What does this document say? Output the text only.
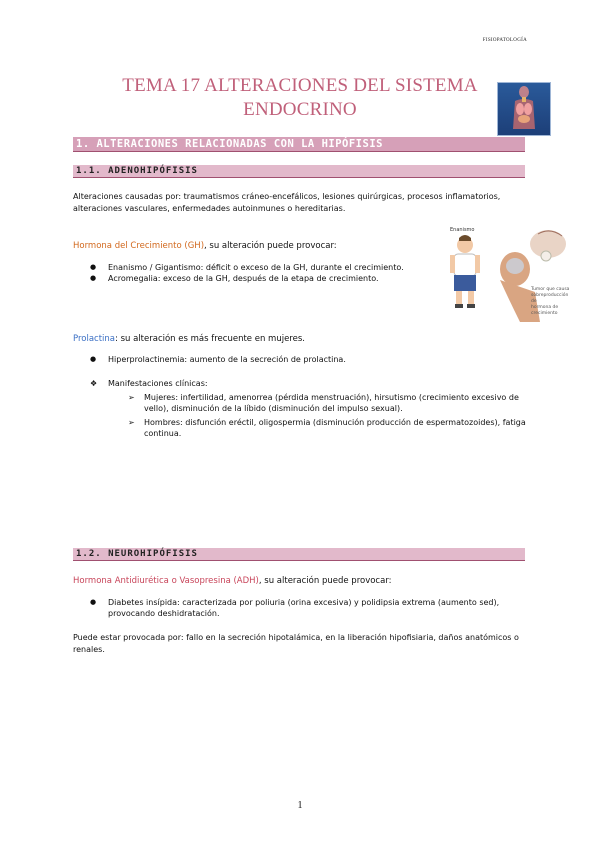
FISIOPATOLOGÍA
TEMA 17 ALTERACIONES DEL SISTEMA
ENDOCRINO
1. ALTERACIONES RELACIONADAS CON LA HIPÓFISIS
1.1. ADENOHIPÓFISIS
Alteraciones causadas por: traumatismos cráneo-encefálicos, lesiones quirúrgicas, procesos inflamatorios,
alteraciones vasculares, enfermedades autoinmunes o hereditarias.
Hormona del Crecimiento (GH), su alteración puede provocar:
● Enanismo / Gigantismo: déficit o exceso de la GH, durante el crecimiento.
● Acromegalia: exceso de la GH, después de la etapa de crecimiento.
Enanismo
Tumor que causa
sobreproducción de
hormona de
crecimiento
Prolactina: su alteración es más frecuente en mujeres.
● Hiperprolactinemia: aumento de la secreción de prolactina.
❖ Manifestaciones clínicas:
➢ Mujeres: infertilidad, amenorrea (pérdida menstruación), hirsutismo (crecimiento excesivo de
vello), disminución de la líbido (disminución del impulso sexual).
➢ Hombres: disfunción eréctil, oligospermia (disminución producción de espermatozoides), fatiga
continua.
1.2. NEUROHIPÓFISIS
Hormona Antidiurética o Vasopresina (ADH), su alteración puede provocar:
● Diabetes insípida: caracterizada por poliuria (orina excesiva) y polidipsia extrema (aumento sed),
provocando deshidratación.
Puede estar provocada por: fallo en la secreción hipotalámica, en la liberación hipofisiaria, daños anatómicos o
renales.
1
